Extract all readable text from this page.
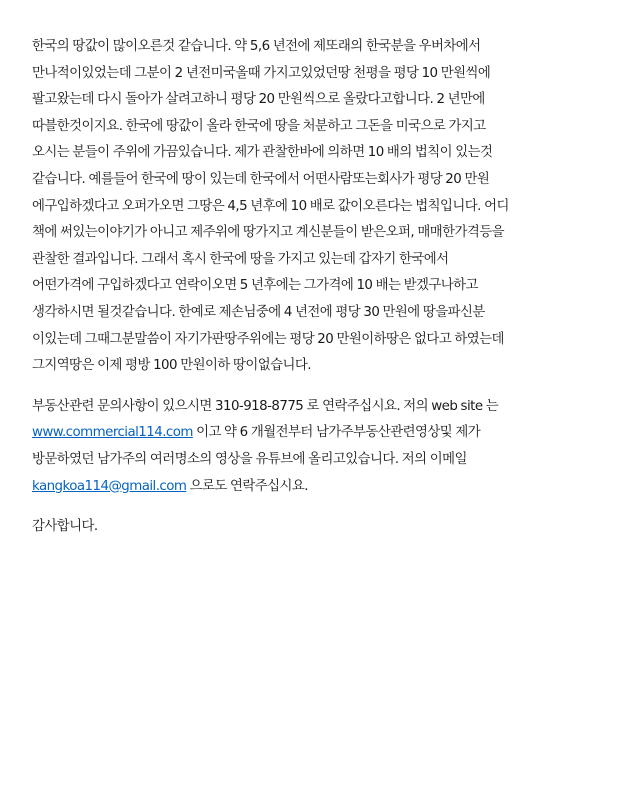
한국의 땅값이 많이오른것 같습니다. 약 5,6 년전에 제또래의 한국분을 우버차에서
만나적이있었는데 그분이 2 년전미국올때 가지고있었던땅 천평을 평당 10 만원씩에
팔고왔는데 다시 돌아가 살려고하니 평당 20 만원씩으로 올랐다고합니다. 2 년만에
따블한것이지요. 한국에 땅값이 올라 한국에 땅을 처분하고 그돈을 미국으로 가지고
오시는 분들이 주위에 가끔있습니다. 제가 관찰한바에 의하면 10 배의 법칙이 있는것
같습니다. 예를들어 한국에 땅이 있는데 한국에서 어떤사람또는회사가 평당 20 만원
에구입하겠다고 오퍼가오면 그땅은 4,5 년후에 10 배로 값이오른다는 법칙입니다. 어디
책에 써있는이야기가 아니고 제주위에 땅가지고 계신분들이 받은오퍼, 매매한가격등을
관찰한 결과입니다. 그래서 혹시 한국에 땅을 가지고 있는데 갑자기 한국에서
어떤가격에 구입하겠다고 연락이오면 5 년후에는 그가격에 10 배는 받겠구나하고
생각하시면 될것같습니다. 한예로 제손님중에 4 년전에 평당 30 만원에 땅을파신분
이있는데 그때그분말씀이 자기가판땅주위에는 평당 20 만원이하땅은 없다고 하였는데
그지역땅은 이제 평방 100 만원이하 땅이없습니다.

부동산관련 문의사항이 있으시면 310-918-8775 로 연락주십시요. 저의 web site 는
www.commercial114.com 이고 약 6 개월전부터 남가주부동산관련영상및 제가
방문하였던 남가주의 여러명소의 영상을 유튜브에 올리고있습니다. 저의 이메일
kangkoa114@gmail.com 으로도 연락주십시요.

감사합니다.
